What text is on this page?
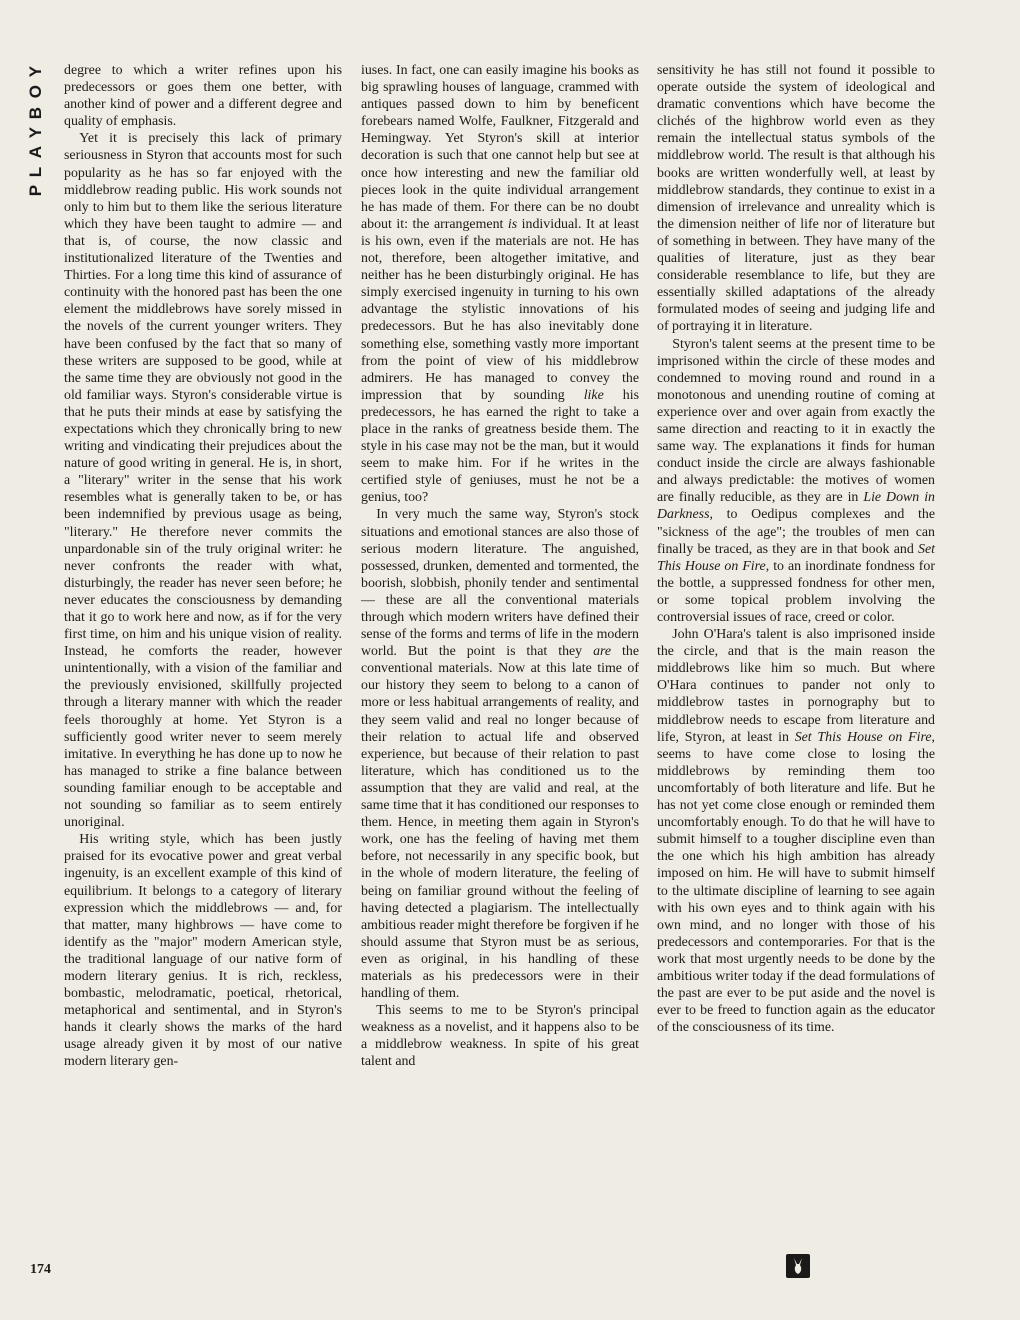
PLAYBOY degree to which a writer refines upon his predecessors or goes them one better, with another kind of power and a different degree and quality of emphasis.

Yet it is precisely this lack of primary seriousness in Styron that accounts most for such popularity as he has so far enjoyed with the middlebrow reading public. His work sounds not only to him but to them like the serious literature which they have been taught to admire — and that is, of course, the now classic and institutionalized literature of the Twenties and Thirties. For a long time this kind of assurance of continuity with the honored past has been the one element the middlebrows have sorely missed in the novels of the current younger writers. They have been confused by the fact that so many of these writers are supposed to be good, while at the same time they are obviously not good in the old familiar ways. Styron's considerable virtue is that he puts their minds at ease by satisfying the expectations which they chronically bring to new writing and vindicating their prejudices about the nature of good writing in general. He is, in short, a "literary" writer in the sense that his work resembles what is generally taken to be, or has been indemnified by previous usage as being, "literary." He therefore never commits the unpardonable sin of the truly original writer: he never confronts the reader with what, disturbingly, the reader has never seen before; he never educates the consciousness by demanding that it go to work here and now, as if for the very first time, on him and his unique vision of reality. Instead, he comforts the reader, however unintentionally, with a vision of the familiar and the previously envisioned, skillfully projected through a literary manner with which the reader feels thoroughly at home. Yet Styron is a sufficiently good writer never to seem merely imitative. In everything he has done up to now he has managed to strike a fine balance between sounding familiar enough to be acceptable and not sounding so familiar as to seem entirely unoriginal.

His writing style, which has been justly praised for its evocative power and great verbal ingenuity, is an excellent example of this kind of equilibrium. It belongs to a category of literary expression which the middlebrows — and, for that matter, many highbrows — have come to identify as the "major" modern American style, the traditional language of our native form of modern literary genius. It is rich, reckless, bombastic, melodramatic, poetical, rhetorical, metaphorical and sentimental, and in Styron's hands it clearly shows the marks of the hard usage already given it by most of our native modern literary gen-

iuses. In fact, one can easily imagine his books as big sprawling houses of language, crammed with antiques passed down to him by beneficent forebears named Wolfe, Faulkner, Fitzgerald and Hemingway. Yet Styron's skill at interior decoration is such that one cannot help but see at once how interesting and new the familiar old pieces look in the quite individual arrangement he has made of them. For there can be no doubt about it: the arrangement is individual. It at least is his own, even if the materials are not. He has not, therefore, been altogether imitative, and neither has he been disturbingly original. He has simply exercised ingenuity in turning to his own advantage the stylistic innovations of his predecessors. But he has also inevitably done something else, something vastly more important from the point of view of his middlebrow admirers. He has managed to convey the impression that by sounding like his predecessors, he has earned the right to take a place in the ranks of greatness beside them. The style in his case may not be the man, but it would seem to make him. For if he writes in the certified style of geniuses, must he not be a genius, too?

In very much the same way, Styron's stock situations and emotional stances are also those of serious modern literature. The anguished, possessed, drunken, demented and tormented, the boorish, slobbish, phonily tender and sentimental — these are all the conventional materials through which modern writers have defined their sense of the forms and terms of life in the modern world. But the point is that they are the conventional materials. Now at this late time of our history they seem to belong to a canon of more or less habitual arrangements of reality, and they seem valid and real no longer because of their relation to actual life and observed experience, but because of their relation to past literature, which has conditioned us to the assumption that they are valid and real, at the same time that it has conditioned our responses to them. Hence, in meeting them again in Styron's work, one has the feeling of having met them before, not necessarily in any specific book, but in the whole of modern literature, the feeling of being on familiar ground without the feeling of having detected a plagiarism. The intellectually ambitious reader might therefore be forgiven if he should assume that Styron must be as serious, even as original, in his handling of these materials as his predecessors were in their handling of them.

This seems to me to be Styron's principal weakness as a novelist, and it happens also to be a middlebrow weakness. In spite of his great talent and

sensitivity he has still not found it possible to operate outside the system of ideological and dramatic conventions which have become the clichés of the highbrow world even as they remain the intellectual status symbols of the middlebrow world. The result is that although his books are written wonderfully well, at least by middlebrow standards, they continue to exist in a dimension of irrelevance and unreality which is the dimension neither of life nor of literature but of something in between. They have many of the qualities of literature, just as they bear considerable resemblance to life, but they are essentially skilled adaptations of the already formulated modes of seeing and judging life and of portraying it in literature.

Styron's talent seems at the present time to be imprisoned within the circle of these modes and condemned to moving round and round in a monotonous and unending routine of coming at experience over and over again from exactly the same direction and reacting to it in exactly the same way. The explanations it finds for human conduct inside the circle are always fashionable and always predictable: the motives of women are finally reducible, as they are in Lie Down in Darkness, to Oedipus complexes and the "sickness of the age"; the troubles of men can finally be traced, as they are in that book and Set This House on Fire, to an inordinate fondness for the bottle, a suppressed fondness for other men, or some topical problem involving the controversial issues of race, creed or color.

John O'Hara's talent is also imprisoned inside the circle, and that is the main reason the middlebrows like him so much. But where O'Hara continues to pander not only to middlebrow tastes in pornography but to middlebrow needs to escape from literature and life, Styron, at least in Set This House on Fire, seems to have come close to losing the middlebrows by reminding them too uncomfortably of both literature and life. But he has not yet come close enough or reminded them uncomfortably enough. To do that he will have to submit himself to a tougher discipline even than the one which his high ambition has already imposed on him. He will have to submit himself to the ultimate discipline of learning to see again with his own eyes and to think again with his own mind, and no longer with those of his predecessors and contemporaries. For that is the work that most urgently needs to be done by the ambitious writer today if the dead formulations of the past are ever to be put aside and the novel is ever to be freed to function again as the educator of the consciousness of its time.

174
